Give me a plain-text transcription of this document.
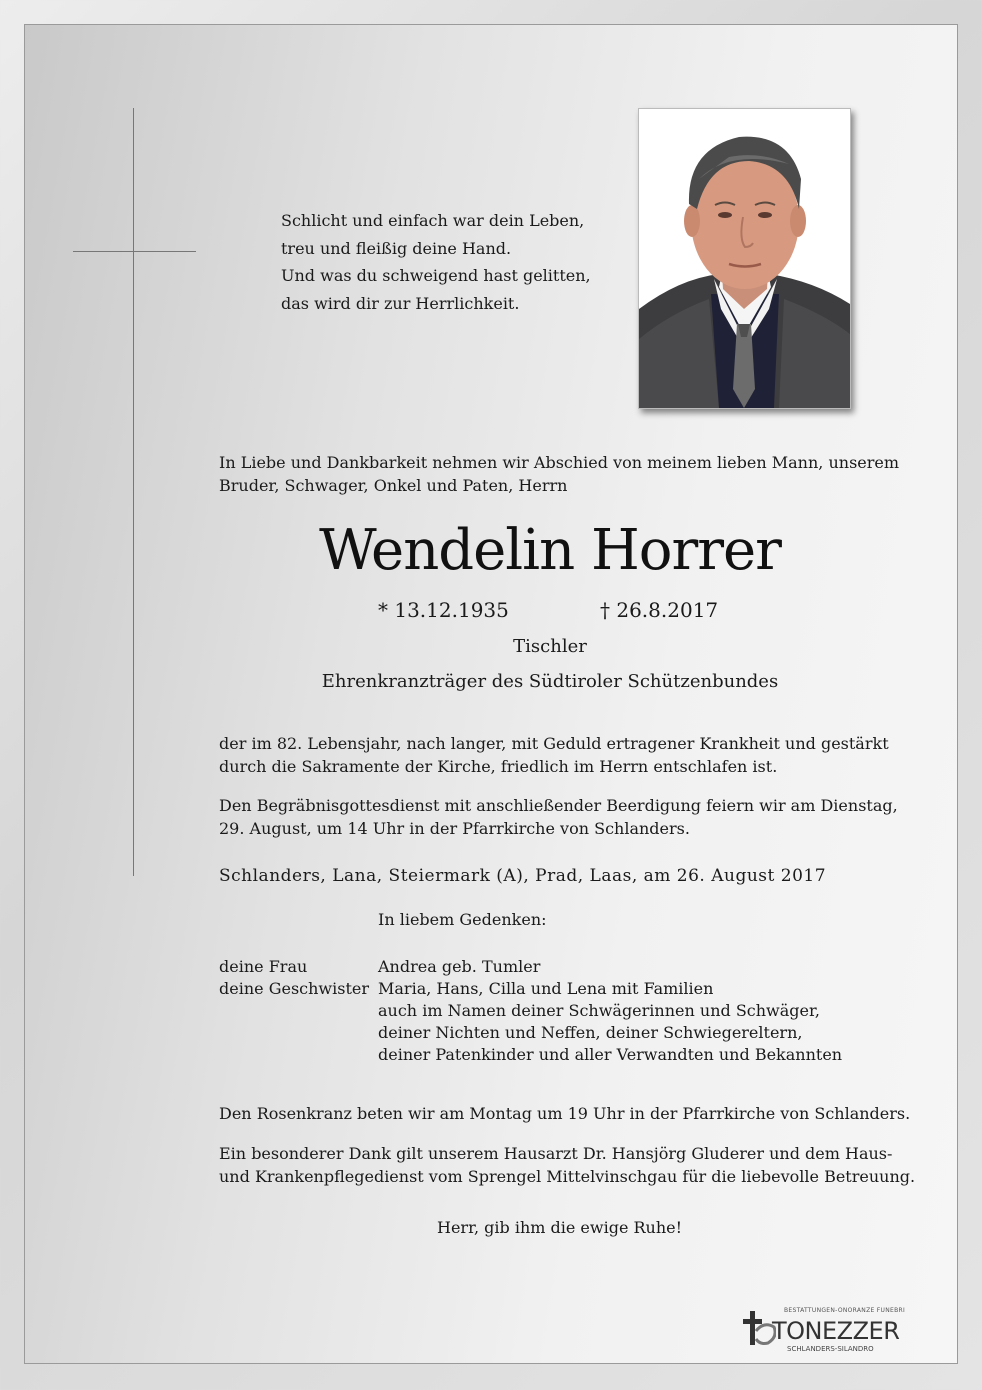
Schlicht und einfach war dein Leben,
treu und fleißig deine Hand.
Und was du schweigend hast gelitten,
das wird dir zur Herrlichkeit.
In Liebe und Dankbarkeit nehmen wir Abschied von meinem lieben Mann, unserem
Bruder, Schwager, Onkel und Paten, Herrn
Wendelin Horrer
* 13.12.1935	† 26.8.2017
Tischler
Ehrenkranzträger des Südtiroler Schützenbundes
der im 82. Lebensjahr, nach langer, mit Geduld ertragener Krankheit und gestärkt
durch die Sakramente der Kirche, friedlich im Herrn entschlafen ist.
Den Begräbnisgottesdienst mit anschließender Beerdigung feiern wir am Dienstag,
29. August, um 14 Uhr in der Pfarrkirche von Schlanders.
Schlanders, Lana, Steiermark (A), Prad, Laas, am 26. August 2017
In liebem Gedenken:
deine Frau	Andrea geb. Tumler
deine Geschwister Maria, Hans, Cilla und Lena mit Familien
auch im Namen deiner Schwägerinnen und Schwäger,
deiner Nichten und Neffen, deiner Schwiegereltern,
deiner Patenkinder und aller Verwandten und Bekannten
Den Rosenkranz beten wir am Montag um 19 Uhr in der Pfarrkirche von Schlanders.
Ein besonderer Dank gilt unserem Hausarzt Dr. Hansjörg Gluderer und dem Haus-
und Krankenpflegedienst vom Sprengel Mittelvinschgau für die liebevolle Betreuung.
Herr, gib ihm die ewige Ruhe!
BESTATTUNGEN-ONORANZE FUNEBRI
TONEZZER
SCHLANDERS-SILANDRO
